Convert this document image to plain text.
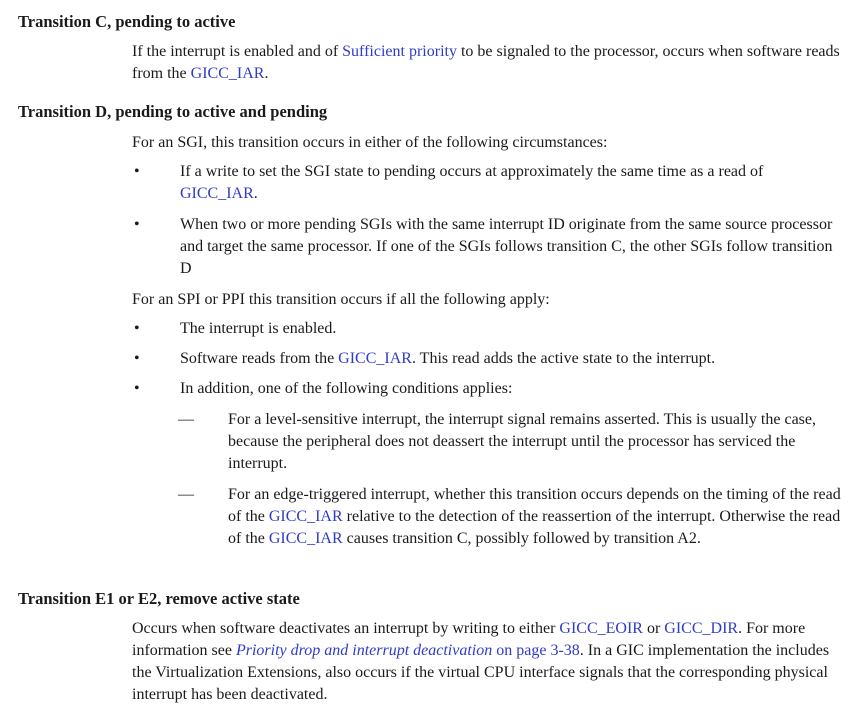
Transition C, pending to active
If the interrupt is enabled and of Sufficient priority to be signaled to the processor, occurs when software reads from the GICC_IAR.
Transition D, pending to active and pending
For an SGI, this transition occurs in either of the following circumstances:
•	If a write to set the SGI state to pending occurs at approximately the same time as a read of GICC_IAR.
•	When two or more pending SGIs with the same interrupt ID originate from the same source processor and target the same processor. If one of the SGIs follows transition C, the other SGIs follow transition D
For an SPI or PPI this transition occurs if all the following apply:
•	The interrupt is enabled.
•	Software reads from the GICC_IAR. This read adds the active state to the interrupt.
•	In addition, one of the following conditions applies:
— For a level-sensitive interrupt, the interrupt signal remains asserted. This is usually the case, because the peripheral does not deassert the interrupt until the processor has serviced the interrupt.
— For an edge-triggered interrupt, whether this transition occurs depends on the timing of the read of the GICC_IAR relative to the detection of the reassertion of the interrupt. Otherwise the read of the GICC_IAR causes transition C, possibly followed by transition A2.
Transition E1 or E2, remove active state
Occurs when software deactivates an interrupt by writing to either GICC_EOIR or GICC_DIR. For more information see Priority drop and interrupt deactivation on page 3-38. In a GIC implementation the includes the Virtualization Extensions, also occurs if the virtual CPU interface signals that the corresponding physical interrupt has been deactivated.
